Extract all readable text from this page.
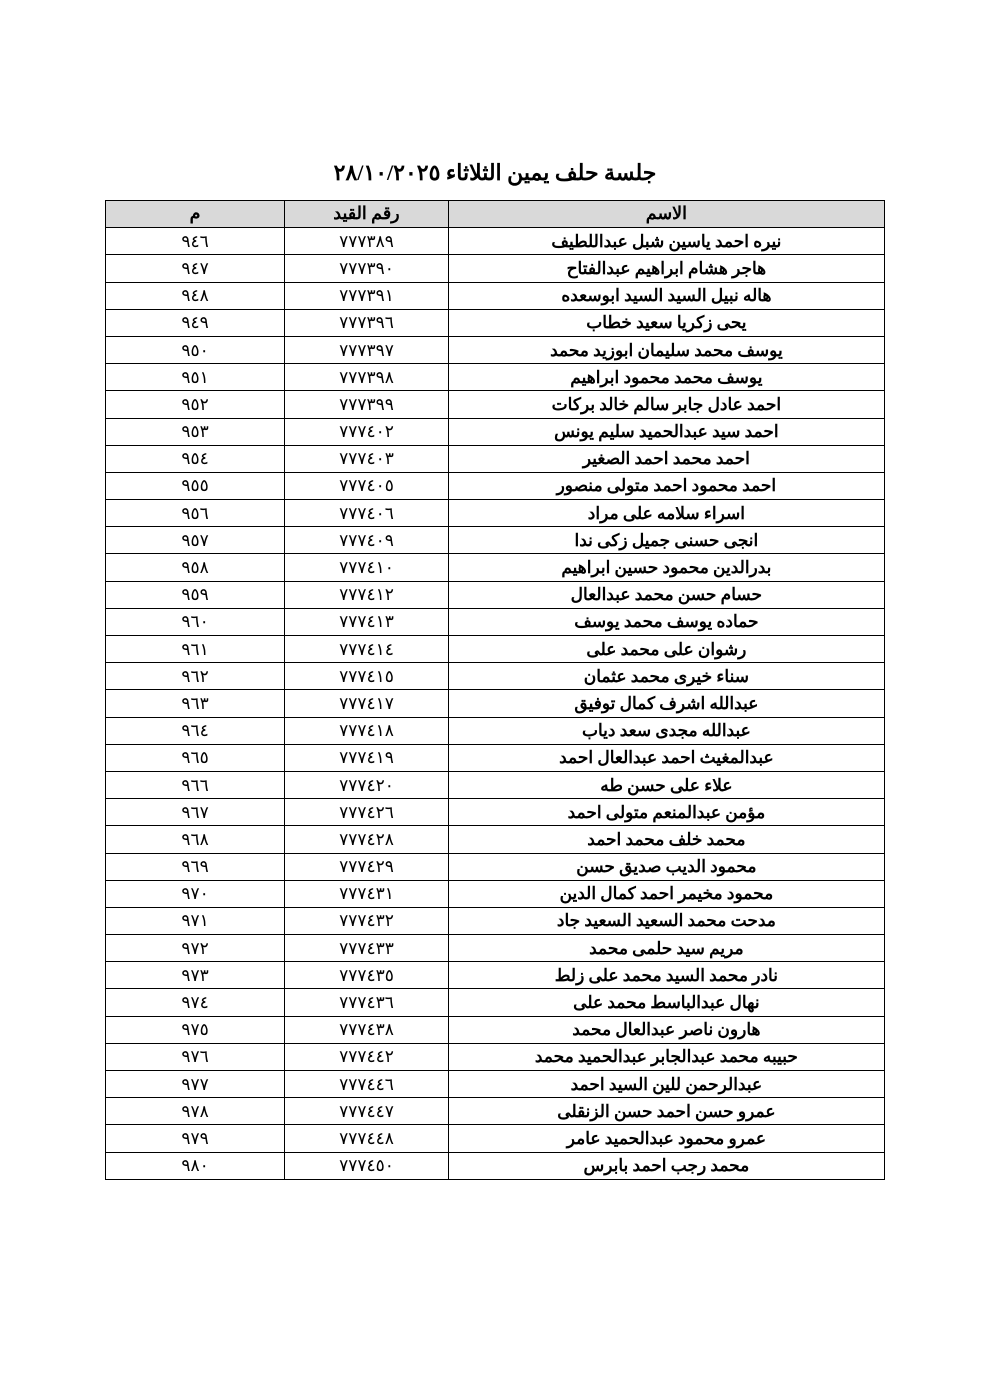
جلسة حلف يمين الثلاثاء ٢٨/١٠/٢٠٢٥
الاسم	رقم القيد	م
نيره احمد ياسين شبل عبداللطيف	٧٧٧٣٨٩	٩٤٦
هاجر هشام ابراهيم عبدالفتاح	٧٧٧٣٩٠	٩٤٧
هاله نبيل السيد السيد ابوسعده	٧٧٧٣٩١	٩٤٨
يحى زكريا سعيد خطاب	٧٧٧٣٩٦	٩٤٩
يوسف محمد سليمان ابوزيد محمد	٧٧٧٣٩٧	٩٥٠
يوسف محمد محمود ابراهيم	٧٧٧٣٩٨	٩٥١
احمد عادل جابر سالم خالد بركات	٧٧٧٣٩٩	٩٥٢
احمد سيد عبدالحميد سليم يونس	٧٧٧٤٠٢	٩٥٣
احمد محمد احمد الصغير	٧٧٧٤٠٣	٩٥٤
احمد محمود احمد متولى منصور	٧٧٧٤٠٥	٩٥٥
اسراء سلامه على مراد	٧٧٧٤٠٦	٩٥٦
انجى حسنى جميل زكى ندا	٧٧٧٤٠٩	٩٥٧
بدرالدين محمود حسين ابراهيم	٧٧٧٤١٠	٩٥٨
حسام حسن محمد عبدالعال	٧٧٧٤١٢	٩٥٩
حماده يوسف محمد يوسف	٧٧٧٤١٣	٩٦٠
رشوان على محمد على	٧٧٧٤١٤	٩٦١
سناء خيرى محمد عثمان	٧٧٧٤١٥	٩٦٢
عبدالله اشرف كمال توفيق	٧٧٧٤١٧	٩٦٣
عبدالله مجدى سعد دياب	٧٧٧٤١٨	٩٦٤
عبدالمغيث احمد عبدالعال احمد	٧٧٧٤١٩	٩٦٥
علاء على حسن طه	٧٧٧٤٢٠	٩٦٦
مؤمن عبدالمنعم متولى احمد	٧٧٧٤٢٦	٩٦٧
محمد خلف محمد احمد	٧٧٧٤٢٨	٩٦٨
محمود الديب صديق حسن	٧٧٧٤٢٩	٩٦٩
محمود مخيمر احمد كمال الدين	٧٧٧٤٣١	٩٧٠
مدحت محمد السعيد السعيد جاد	٧٧٧٤٣٢	٩٧١
مريم سيد حلمى محمد	٧٧٧٤٣٣	٩٧٢
نادر محمد السيد محمد على زلط	٧٧٧٤٣٥	٩٧٣
نهال عبدالباسط محمد على	٧٧٧٤٣٦	٩٧٤
هارون ناصر عبدالعال محمد	٧٧٧٤٣٨	٩٧٥
حبيبه محمد عبدالجابر عبدالحميد محمد	٧٧٧٤٤٢	٩٧٦
عبدالرحمن للين السيد احمد	٧٧٧٤٤٦	٩٧٧
عمرو حسن احمد حسن الزنقلى	٧٧٧٤٤٧	٩٧٨
عمرو محمود عبدالحميد عامر	٧٧٧٤٤٨	٩٧٩
محمد رجب احمد بابرس	٧٧٧٤٥٠	٩٨٠
